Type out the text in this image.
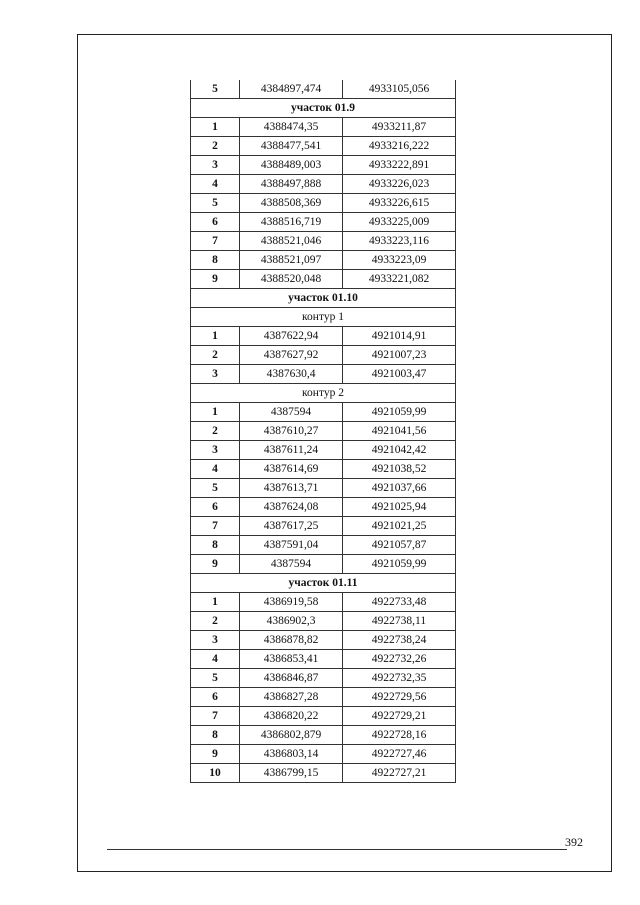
5	4384897,474	4933105,056
участок 01.9		
1	4388474,35	4933211,87
2	4388477,541	4933216,222
3	4388489,003	4933222,891
4	4388497,888	4933226,023
5	4388508,369	4933226,615
6	4388516,719	4933225,009
7	4388521,046	4933223,116
8	4388521,097	4933223,09
9	4388520,048	4933221,082
участок 01.10		
контур 1		
1	4387622,94	4921014,91
2	4387627,92	4921007,23
3	4387630,4	4921003,47
контур 2		
1	4387594	4921059,99
2	4387610,27	4921041,56
3	4387611,24	4921042,42
4	4387614,69	4921038,52
5	4387613,71	4921037,66
6	4387624,08	4921025,94
7	4387617,25	4921021,25
8	4387591,04	4921057,87
9	4387594	4921059,99
участок 01.11		
1	4386919,58	4922733,48
2	4386902,3	4922738,11
3	4386878,82	4922738,24
4	4386853,41	4922732,26
5	4386846,87	4922732,35
6	4386827,28	4922729,56
7	4386820,22	4922729,21
8	4386802,879	4922728,16
9	4386803,14	4922727,46
10	4386799,15	4922727,21
392
